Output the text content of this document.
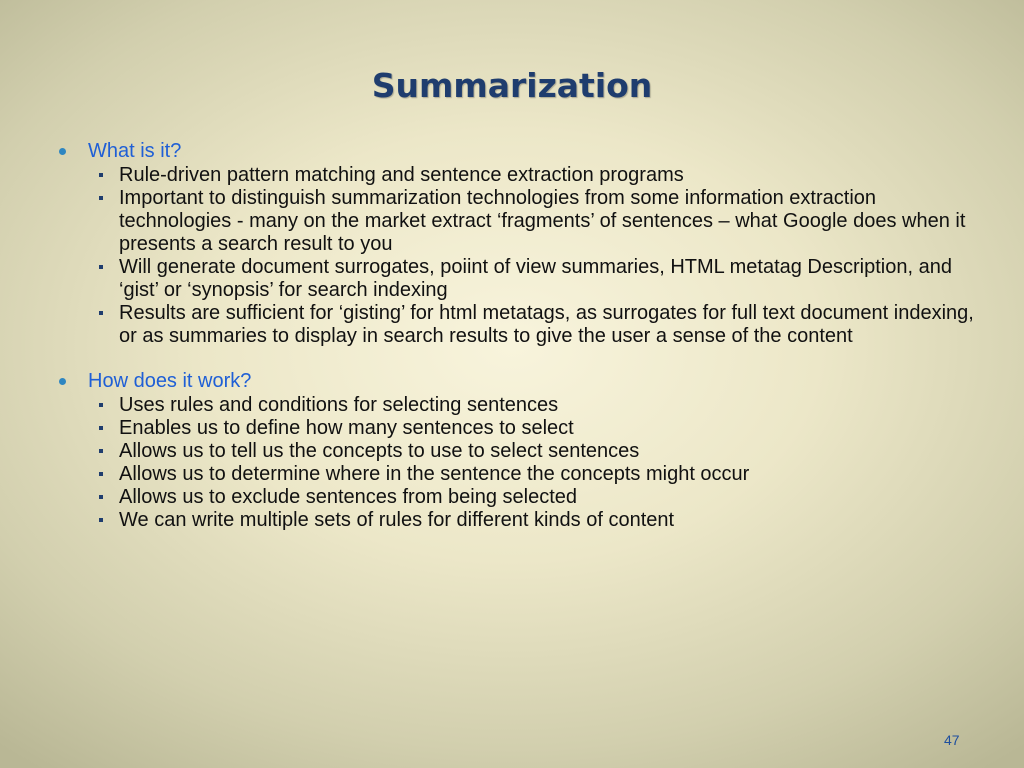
Summarization
What is it?
Rule-driven pattern matching and sentence extraction programs
Important to distinguish summarization technologies from some information extraction technologies - many on the market extract ‘fragments’ of sentences – what Google does when it presents a search result to you
Will generate document surrogates, poiint of view summaries, HTML metatag Description, and ‘gist’ or ‘synopsis’ for search indexing
Results are sufficient for ‘gisting’ for html metatags, as surrogates for full text document indexing, or as summaries to display in search results to give the user a sense of the content
How does it work?
Uses rules and conditions for selecting sentences
Enables us to define how many sentences to select
Allows us to tell us the concepts to use to select sentences
Allows us to determine where in the sentence the concepts might occur
Allows us to exclude sentences from being selected
We can write multiple sets of rules for different kinds of content
47
